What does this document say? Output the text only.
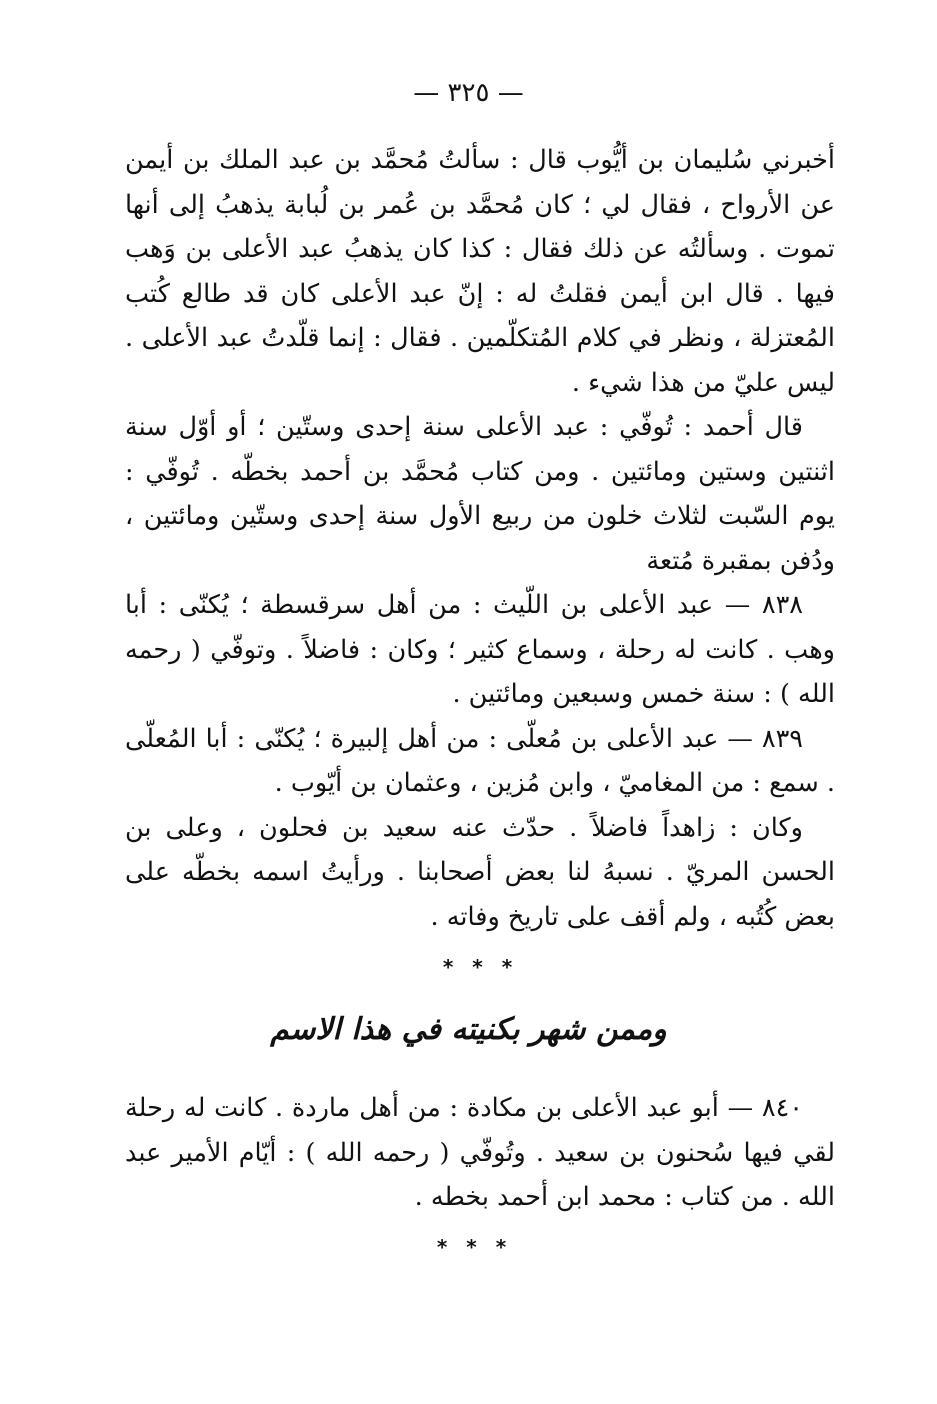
— ٣٢٥ —

أخبرني سُليمان بن أيُّوب قال : سألتُ مُحمَّد بن عبد الملك بن أيمن عن الأرواح ، فقال لي ؛ كان مُحمَّد بن عُمر بن لُبابة يذهبُ إلى أنها تموت . وسألتُه عن ذلك فقال : كذا كان يذهبُ عبد الأعلى بن وَهب فيها . قال ابن أيمن فقلتُ له : إنّ عبد الأعلى كان قد طالع كُتب المُعتزلة ، ونظر في كلام المُتكلّمين . فقال : إنما قلّدتُ عبد الأعلى . ليس عليّ من هذا شيء .

قال أحمد : تُوفّي : عبد الأعلى سنة إحدى وستّين ؛ أو أوّل سنة اثنتين وستين ومائتين . ومن كتاب مُحمَّد بن أحمد بخطّه . تُوفّي : يوم السّبت لثلاث خلون من ربيع الأول سنة إحدى وستّين ومائتين ، ودُفن بمقبرة مُتعة

٨٣٨ — عبد الأعلى بن اللّيث : من أهل سرقسطة ؛ يُكنّى : أبا وهب . كانت له رحلة ، وسماع كثير ؛ وكان : فاضلاً . وتوفّي ( رحمه الله ) : سنة خمس وسبعين ومائتين .

٨٣٩ — عبد الأعلى بن مُعلّى : من أهل إلبيرة ؛ يُكنّى : أبا المُعلّى . سمع : من المغاميّ ، وابن مُزين ، وعثمان بن أيّوب .

وكان : زاهداً فاضلاً . حدّث عنه سعيد بن فحلون ، وعلى بن الحسن المريّ . نسبهُ لنا بعض أصحابنا . ورأيتُ اسمه بخطّه على بعض كُتُبه ، ولم أقف على تاريخ وفاته .

* * *
وممن شهر بكنيته في هذا الاسم

٨٤٠ — أبو عبد الأعلى بن مكادة : من أهل ماردة . كانت له رحلة لقي فيها سُحنون بن سعيد . وتُوفّي ( رحمه الله ) : أيّام الأمير عبد الله . من كتاب : محمد ابن أحمد بخطه .

* * *
